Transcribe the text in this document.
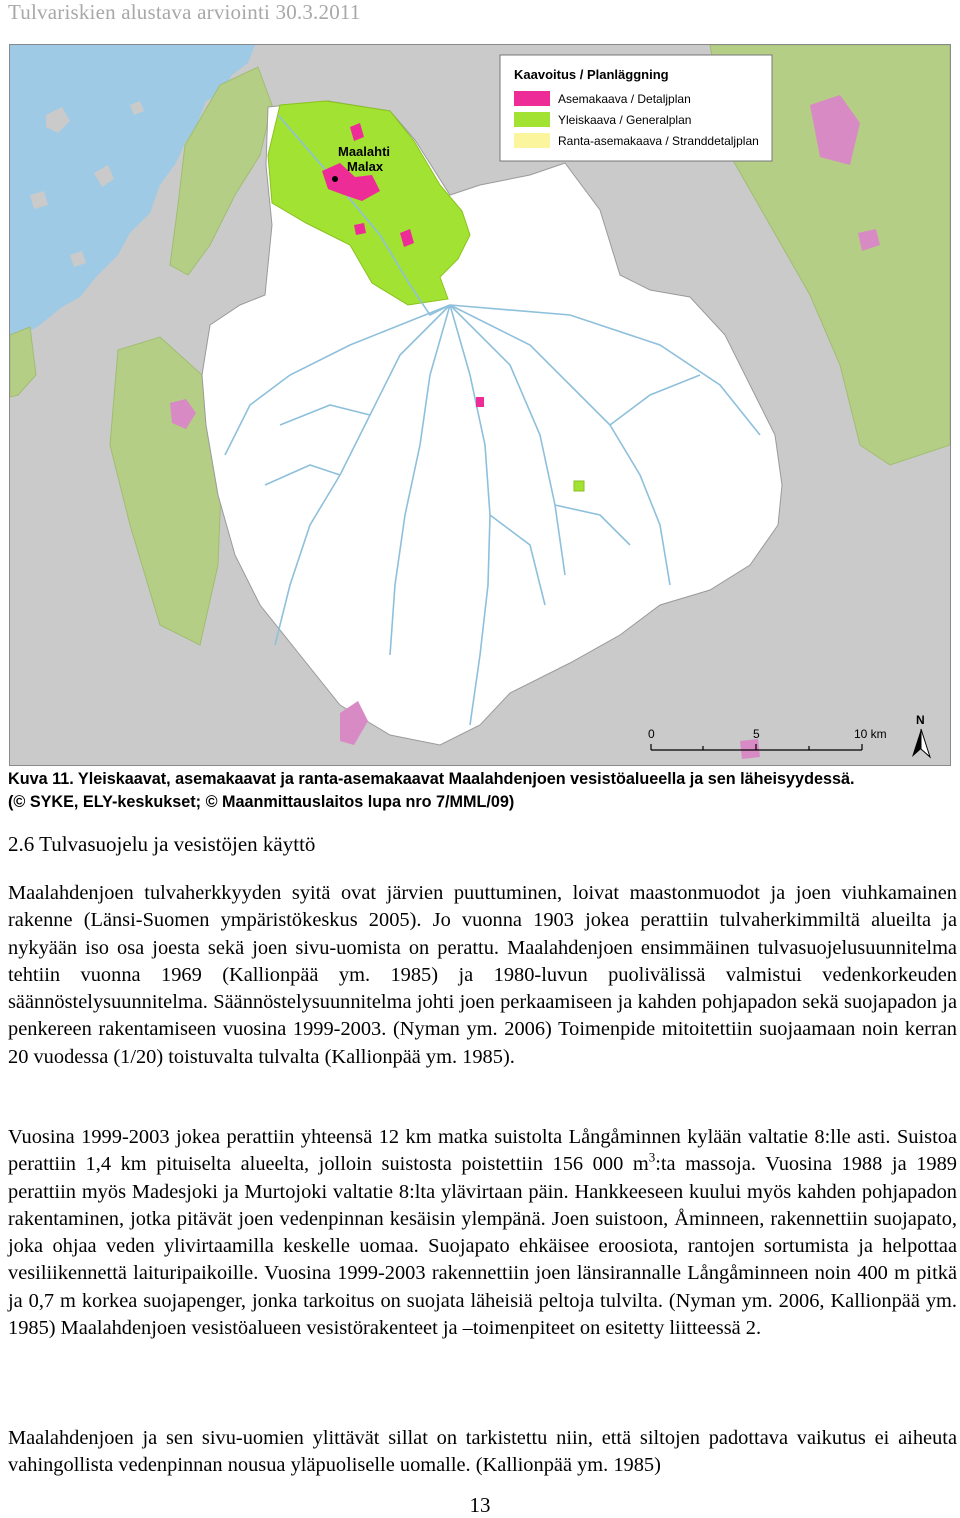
Tulvariskien alustava arviointi 30.3.2011
Maalahti
Malax
Kaavoitus / Planläggning
Asemakaava / Detaljplan
Yleiskaava / Generalplan
Ranta-asemakaava / Stranddetaljplan
0	5	10 km
N
Kuva 11. Yleiskaavat, asemakaavat ja ranta-asemakaavat Maalahdenjoen vesistöalueella ja sen läheisyydessä.
(© SYKE, ELY-keskukset; © Maanmittauslaitos lupa nro 7/MML/09)
2.6 Tulvasuojelu ja vesistöjen käyttö

Maalahdenjoen tulvaherkkyyden syitä ovat järvien puuttuminen, loivat maastonmuodot ja joen viuhkamainen rakenne (Länsi-Suomen ympäristökeskus 2005). Jo vuonna 1903 jokea perattiin tulvaherkimmiltä alueilta ja nykyään iso osa joesta sekä joen sivu-uomista on perattu. Maalahdenjoen ensimmäinen tulvasuojelusuunnitelma tehtiin vuonna 1969 (Kallionpää ym. 1985) ja 1980-luvun puolivälissä valmistui vedenkorkeuden säännöstelysuunnitelma. Säännöstelysuunnitelma johti joen perkaamiseen ja kahden pohjapadon sekä suojapadon ja penkereen rakentamiseen vuosina 1999-2003. (Nyman ym. 2006) Toimenpide mitoitettiin suojaamaan noin kerran 20 vuodessa (1/20) toistuvalta tulvalta (Kallionpää ym. 1985).

Vuosina 1999-2003 jokea perattiin yhteensä 12 km matka suistolta Långåminnen kylään valtatie 8:lle asti. Suistoa perattiin 1,4 km pituiselta alueelta, jolloin suistosta poistettiin 156 000 $m^3:ta$ massoja. Vuosina 1988 ja 1989 perattiin myös Madesjoki ja Murtojoki valtatie 8:lta ylävirtaan päin. Hankkeeseen kuului myös kahden pohjapadon rakentaminen, jotka pitävät joen vedenpinnan kesäisin ylempänä. Joen suistoon, Åminneen, rakennettiin suojapato, joka ohjaa veden ylivirtaamilla keskelle uomaa. Suojapato ehkäisee eroosiota, rantojen sortumista ja helpottaa vesiliikennettä laituripaikoille. Vuosina 1999-2003 rakennettiin joen länsirannalle Långåminneen noin 400 m pitkä ja 0,7 m korkea suojapenger, jonka tarkoitus on suojata läheisiä peltoja tulvilta. (Nyman ym. 2006, Kallionpää ym. 1985) Maalahdenjoen vesistöalueen vesistörakenteet ja –toimenpiteet on esitetty liitteessä 2.

Maalahdenjoen ja sen sivu-uomien ylittävät sillat on tarkistettu niin, että siltojen padottava vaikutus ei aiheuta vahingollista vedenpinnan nousua yläpuoliselle uomalle. (Kallionpää ym. 1985)

13
